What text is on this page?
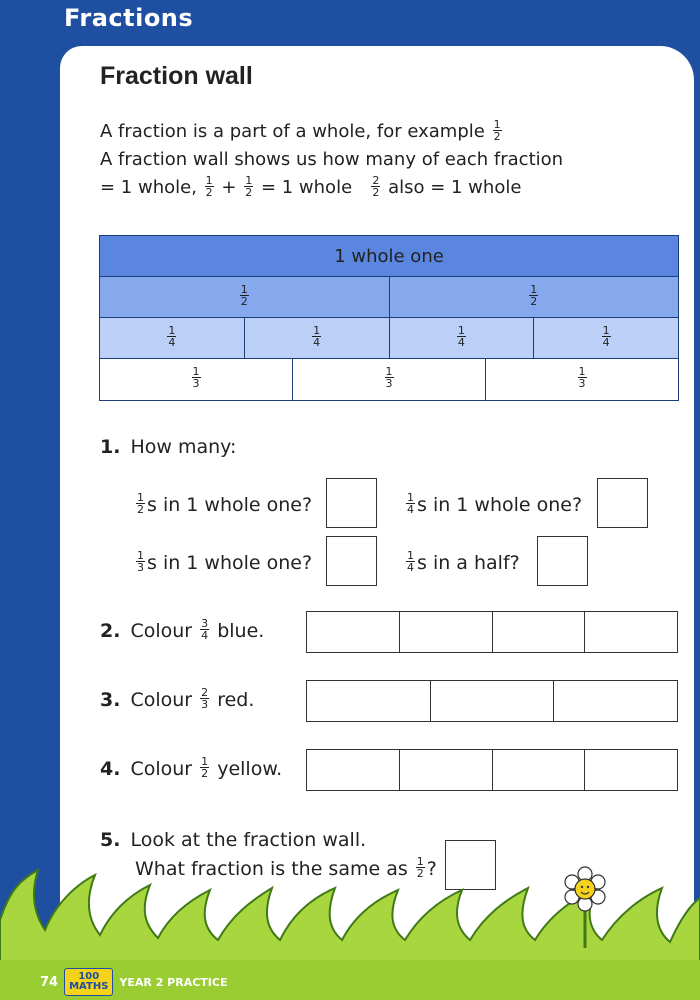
Fractions
Fraction wall
A fraction is a part of a whole, for example $\frac{1}{2}$
A fraction wall shows us how many of each fraction
= 1 whole, $\frac{1}{2} + \frac{1}{2} = 1$ whole $\frac{2}{2}$ also = 1 whole
1 whole one
$\frac{1}{2}$	$\frac{1}{2}$
$\frac{1}{4}$	$\frac{1}{4}$	$\frac{1}{4}$	$\frac{1}{4}$
$\frac{1}{3}$	$\frac{1}{3}$	$\frac{1}{3}$
1. How many:
$\frac{1}{2}$ s in 1 whole one?	$\frac{1}{4}$ s in 1 whole one?
$\frac{1}{3}$ s in 1 whole one?	$\frac{1}{4}$ s in a half?
2. Colour $\frac{3}{4}$ blue.
3. Colour $\frac{2}{3}$ red.
4. Colour $\frac{1}{2}$ yellow.
5. Look at the fraction wall.
What fraction is the same as $\frac{1}{2}$ ?
74	100
MATHS YEAR 2 PRACTICE
